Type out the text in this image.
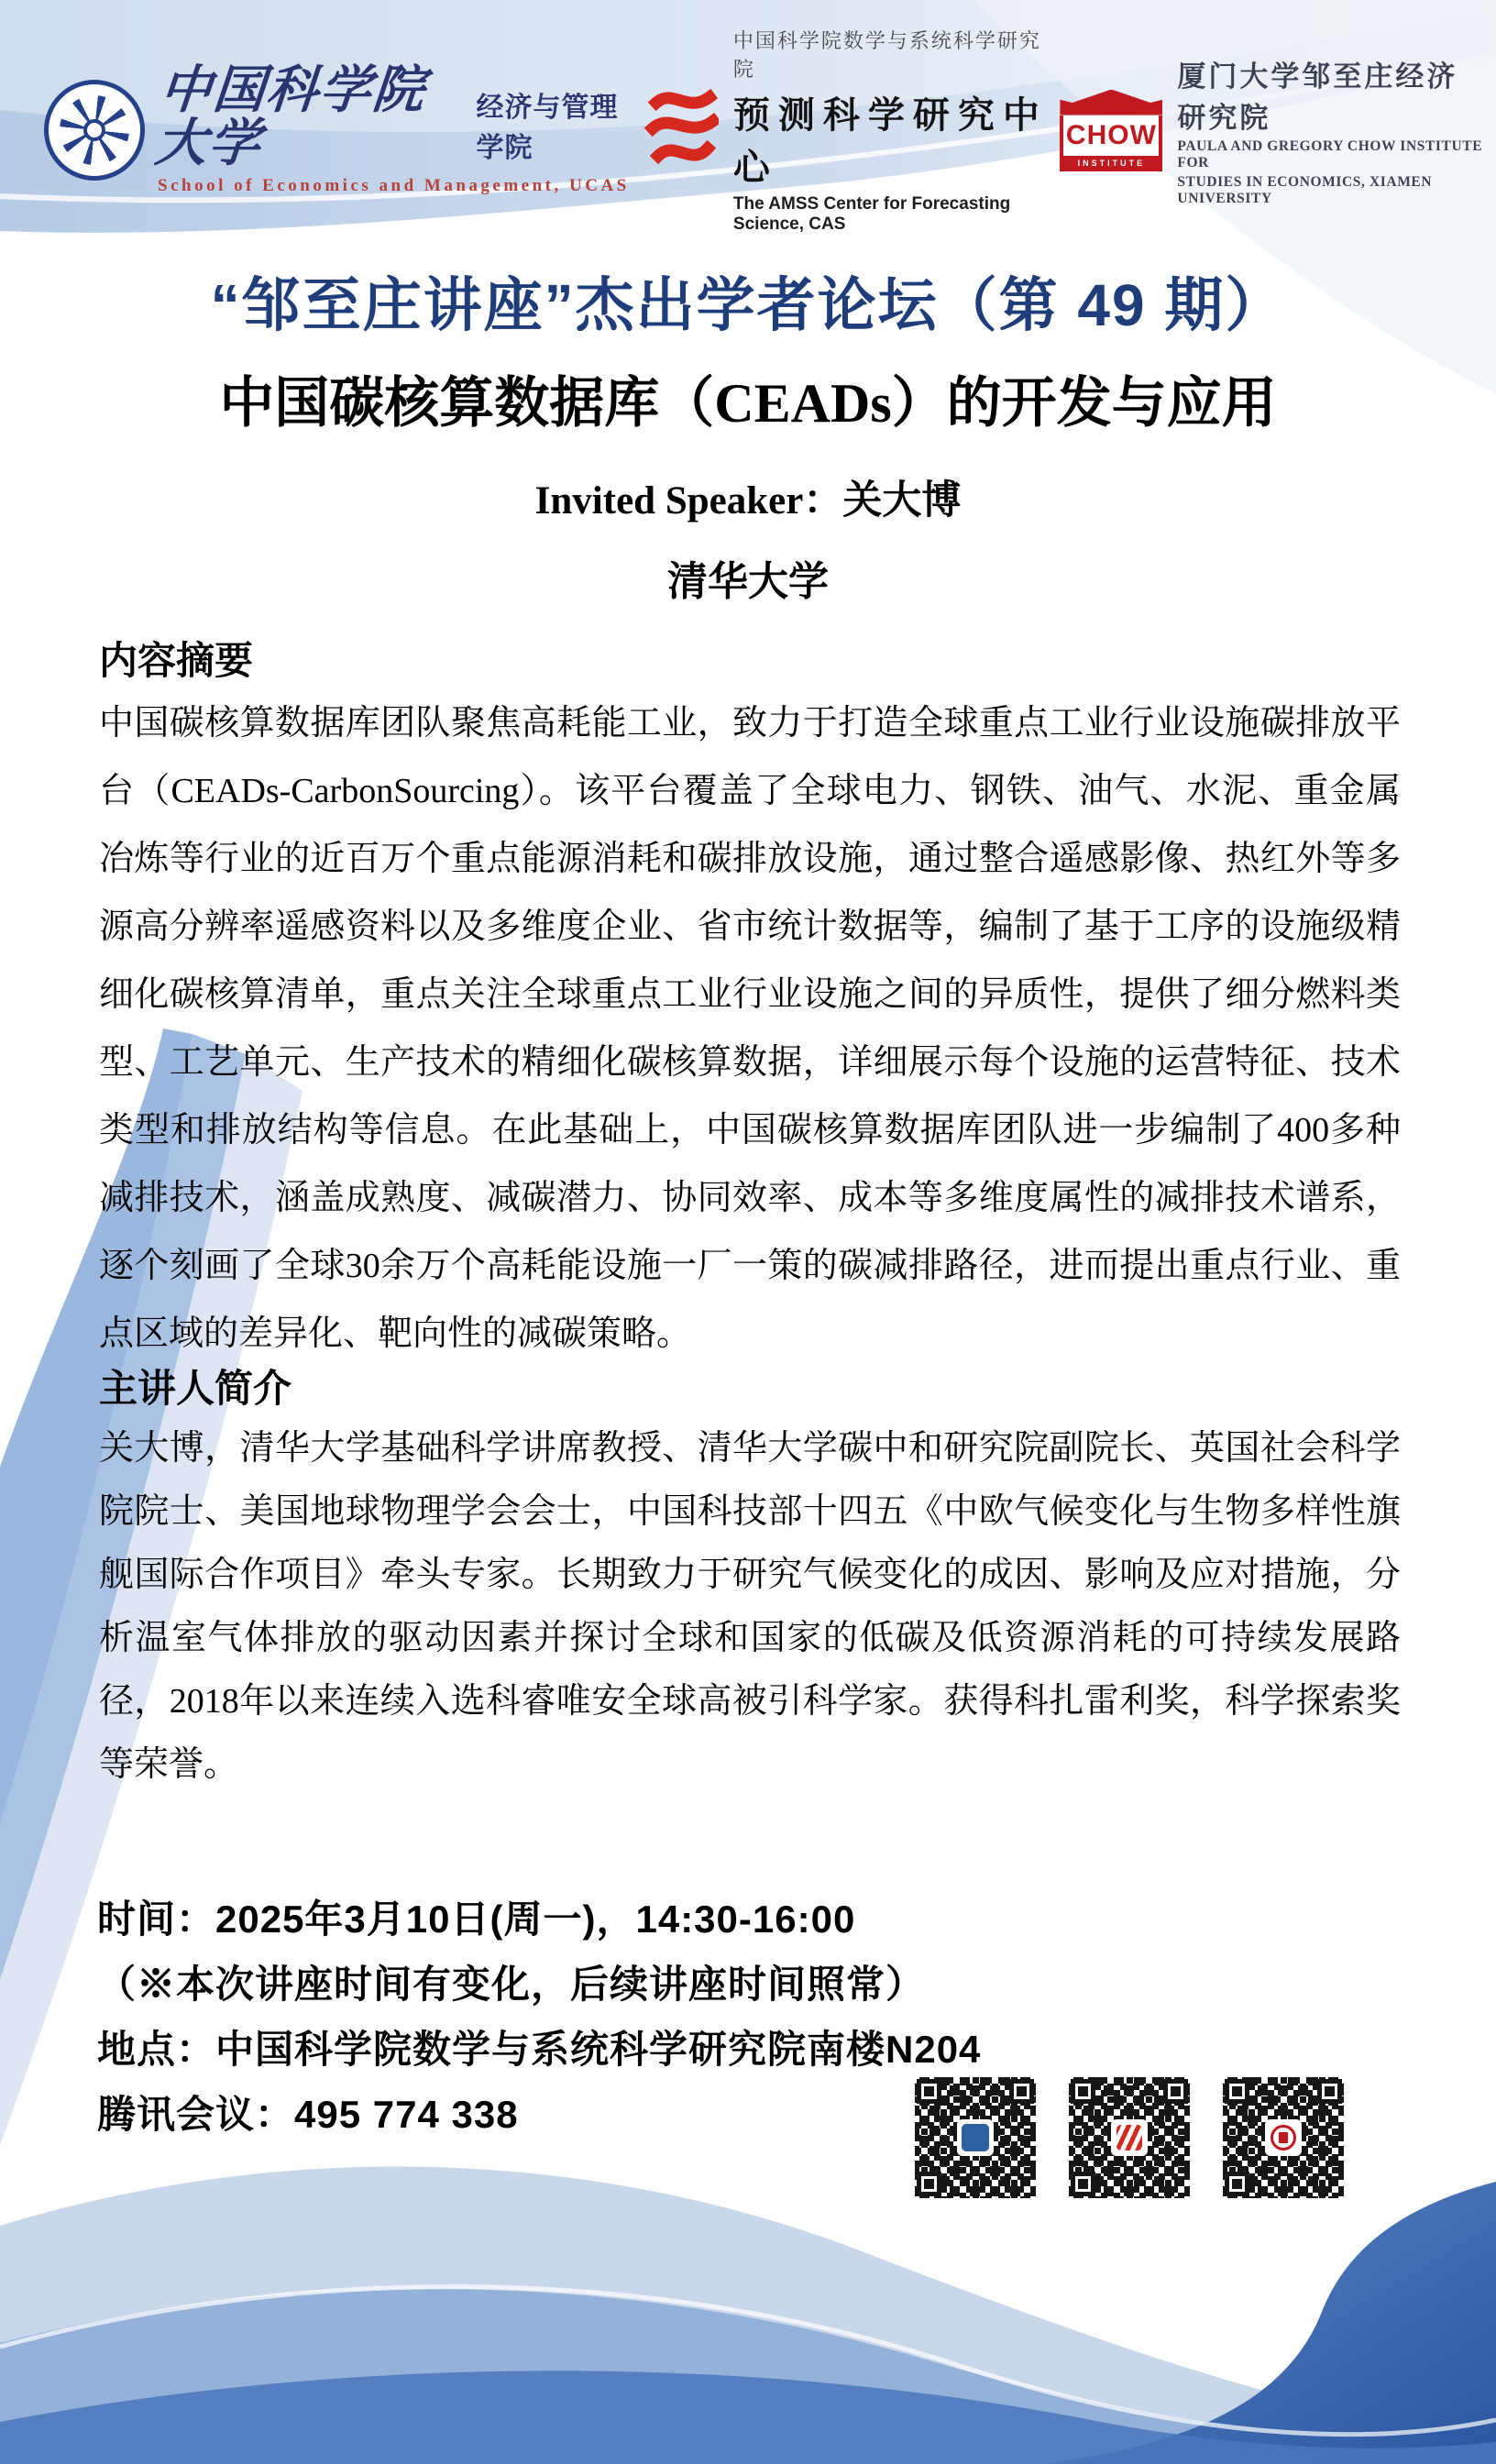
中国科学院大学
经济与管理学院
School of Economics and Management, UCAS
中国科学院数学与系统科学研究院
预测科学研究中心
The AMSS Center for Forecasting Science, CAS
CHOW
INSTITUTE
厦门大学邹至庄经济研究院
PAULA AND GREGORY CHOW INSTITUTE FOR
STUDIES IN ECONOMICS, XIAMEN UNIVERSITY
“邹至庄讲座”杰出学者论坛（第 49 期）
中国碳核算数据库（CEADs）的开发与应用
Invited Speaker：关大博
清华大学
内容摘要
中国碳核算数据库团队聚焦高耗能工业，致力于打造全球重点工业行业设施碳排放平台（CEADs-CarbonSourcing）。该平台覆盖了全球电力、钢铁、油气、水泥、重金属冶炼等行业的近百万个重点能源消耗和碳排放设施，通过整合遥感影像、热红外等多源高分辨率遥感资料以及多维度企业、省市统计数据等，编制了基于工序的设施级精细化碳核算清单，重点关注全球重点工业行业设施之间的异质性，提供了细分燃料类型、工艺单元、生产技术的精细化碳核算数据，详细展示每个设施的运营特征、技术类型和排放结构等信息。在此基础上，中国碳核算数据库团队进一步编制了400多种减排技术，涵盖成熟度、减碳潜力、协同效率、成本等多维度属性的减排技术谱系，逐个刻画了全球30余万个高耗能设施一厂一策的碳减排路径，进而提出重点行业、重点区域的差异化、靶向性的减碳策略。
主讲人简介
关大博，清华大学基础科学讲席教授、清华大学碳中和研究院副院长、英国社会科学院院士、美国地球物理学会会士，中国科技部十四五《中欧气候变化与生物多样性旗舰国际合作项目》牵头专家。长期致力于研究气候变化的成因、影响及应对措施，分析温室气体排放的驱动因素并探讨全球和国家的低碳及低资源消耗的可持续发展路径，2018年以来连续入选科睿唯安全球高被引科学家。获得科扎雷利奖，科学探索奖等荣誉。
时间：2025年3月10日(周一)，14:30-16:00
（※本次讲座时间有变化，后续讲座时间照常）
地点：中国科学院数学与系统科学研究院南楼N204
腾讯会议：495 774 338
